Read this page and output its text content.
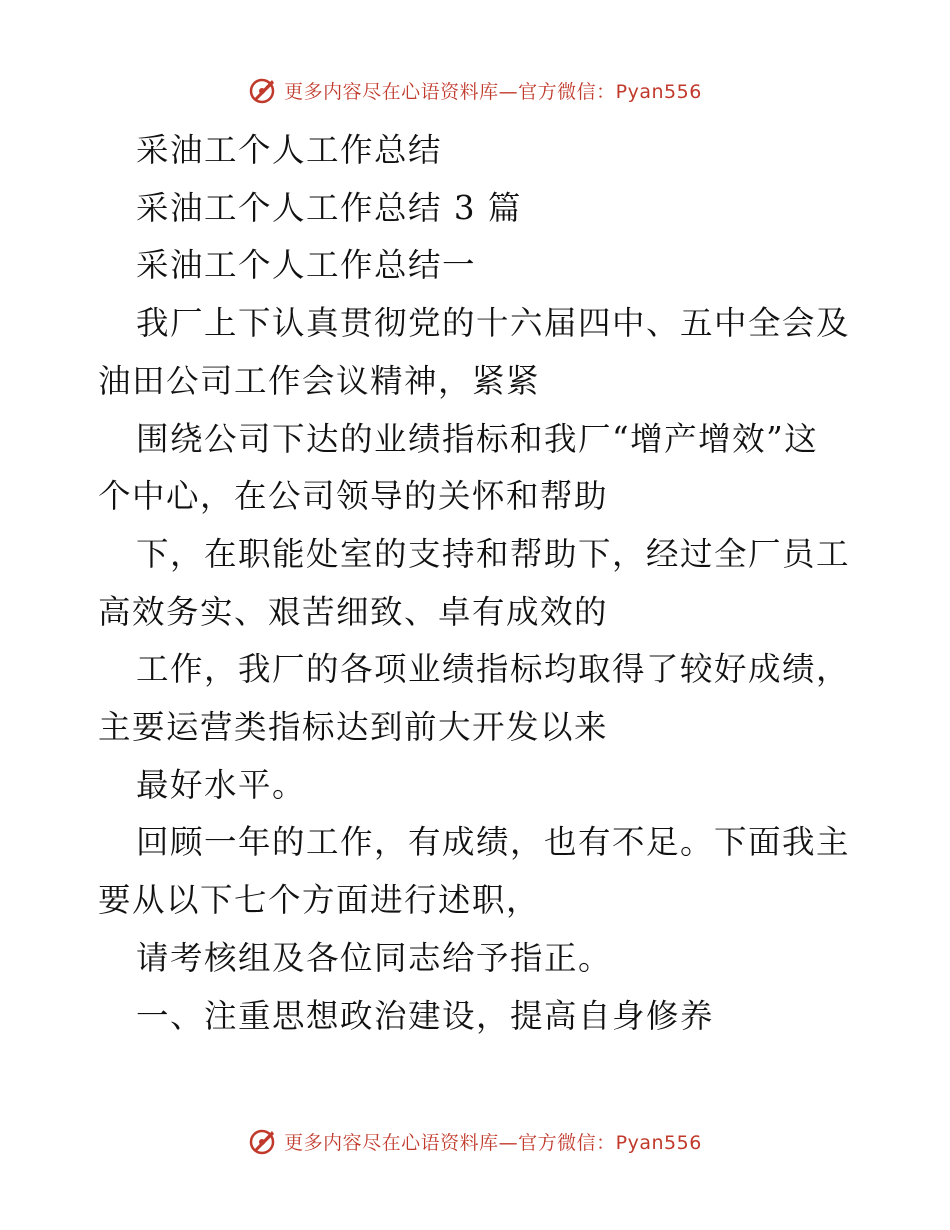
更多内容尽在心语资料库—官方微信：Pyan556

采油工个人工作总结

采油工个人工作总结 3 篇

采油工个人工作总结一

我厂上下认真贯彻党的十六届四中、五中全会及

油田公司工作会议精神，紧紧

围绕公司下达的业绩指标和我厂“增产增效”这

个中心，在公司领导的关怀和帮助

下，在职能处室的支持和帮助下，经过全厂员工

高效务实、艰苦细致、卓有成效的

工作，我厂的各项业绩指标均取得了较好成绩，

主要运营类指标达到前大开发以来

最好水平。

回顾一年的工作，有成绩，也有不足。下面我主

要从以下七个方面进行述职，

请考核组及各位同志给予指正。

一、注重思想政治建设，提高自身修养

更多内容尽在心语资料库—官方微信：Pyan556
